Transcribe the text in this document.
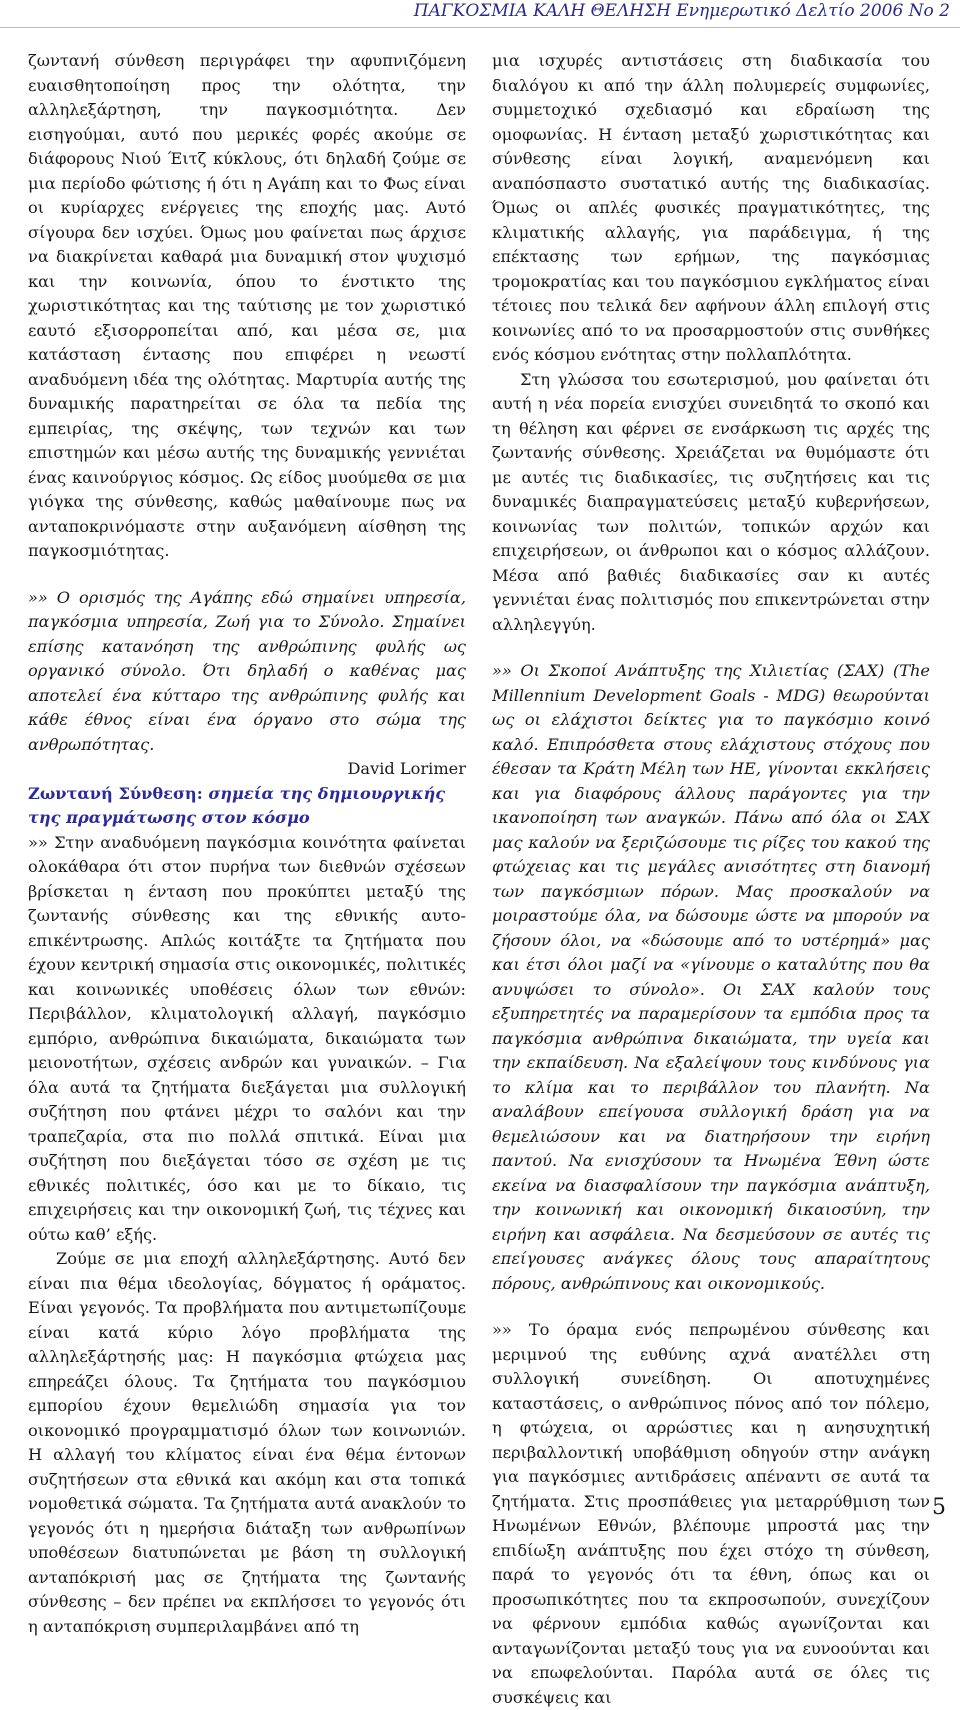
ΠΑΓΚΟΣΜΙΑ ΚΑΛΗ ΘΕΛΗΣΗ Ενημερωτικό Δελτίο 2006 No 2

ζωντανή σύνθεση περιγράφει την αφυπνιζόμενη ευαισθητοποίηση προς την ολότητα, την αλληλεξάρτηση, την παγκοσμιότητα. Δεν εισηγούμαι, αυτό που μερικές φορές ακούμε σε διάφορους Νιού Έιτζ κύκλους, ότι δηλαδή ζούμε σε μια περίοδο φώτισης ή ότι η Αγάπη και το Φως είναι οι κυρίαρχες ενέργειες της εποχής μας. Αυτό σίγουρα δεν ισχύει. Όμως μου φαίνεται πως άρχισε να διακρίνεται καθαρά μια δυναμική στον ψυχισμό και την κοινωνία, όπου το ένστικτο της χωριστικότητας και της ταύτισης με τον χωριστικό εαυτό εξισορροπείται από, και μέσα σε, μια κατάσταση έντασης που επιφέρει η νεωστί αναδυόμενη ιδέα της ολότητας. Μαρτυρία αυτής της δυναμικής παρατηρείται σε όλα τα πεδία της εμπειρίας, της σκέψης, των τεχνών και των επιστημών και μέσω αυτής της δυναμικής γεννιέται ένας καινούργιος κόσμος. Ως είδος μυούμεθα σε μια γιόγκα της σύνθεσης, καθώς μαθαίνουμε πως να ανταποκρινόμαστε στην αυξανόμενη αίσθηση της παγκοσμιότητας.

»» Ο ορισμός της Αγάπης εδώ σημαίνει υπηρεσία, παγκόσμια υπηρεσία, Ζωή για το Σύνολο. Σημαίνει επίσης κατανόηση της ανθρώπινης φυλής ως οργανικό σύνολο. Ότι δηλαδή ο καθένας μας αποτελεί ένα κύτταρο της ανθρώπινης φυλής και κάθε έθνος είναι ένα όργανο στο σώμα της ανθρωπότητας.

David Lorimer

Ζωντανή Σύνθεση: σημεία της δημιουργικής της πραγμάτωσης στον κόσμο

»» Στην αναδυόμενη παγκόσμια κοινότητα φαίνεται ολοκάθαρα ότι στον πυρήνα των διεθνών σχέσεων βρίσκεται η ένταση που προκύπτει μεταξύ της ζωντανής σύνθεσης και της εθνικής αυτο-επικέντρωσης. Απλώς κοιτάξτε τα ζητήματα που έχουν κεντρική σημασία στις οικονομικές, πολιτικές και κοινωνικές υποθέσεις όλων των εθνών: Περιβάλλον, κλιματολογική αλλαγή, παγκόσμιο εμπόριο, ανθρώπινα δικαιώματα, δικαιώματα των μειονοτήτων, σχέσεις ανδρών και γυναικών. – Για όλα αυτά τα ζητήματα διεξάγεται μια συλλογική συζήτηση που φτάνει μέχρι το σαλόνι και την τραπεζαρία, στα πιο πολλά σπιτικά. Είναι μια συζήτηση που διεξάγεται τόσο σε σχέση με τις εθνικές πολιτικές, όσο και με το δίκαιο, τις επιχειρήσεις και την οικονομική ζωή, τις τέχνες και ούτω καθ’ εξής.

Ζούμε σε μια εποχή αλληλεξάρτησης. Αυτό δεν είναι πια θέμα ιδεολογίας, δόγματος ή οράματος. Είναι γεγονός. Τα προβλήματα που αντιμετωπίζουμε είναι κατά κύριο λόγο προβλήματα της αλληλεξάρτησής μας: Η παγκόσμια φτώχεια μας επηρεάζει όλους. Τα ζητήματα του παγκόσμιου εμπορίου έχουν θεμελιώδη σημασία για τον οικονομικό προγραμματισμό όλων των κοινωνιών. Η αλλαγή του κλίματος είναι ένα θέμα έντονων συζητήσεων στα εθνικά και ακόμη και στα τοπικά νομοθετικά σώματα. Τα ζητήματα αυτά ανακλούν το γεγονός ότι η ημερήσια διάταξη των ανθρωπίνων υποθέσεων διατυπώνεται με βάση τη συλλογική ανταπόκρισή μας σε ζητήματα της ζωντανής σύνθεσης – δεν πρέπει να εκπλήσσει το γεγονός ότι η ανταπόκριση συμπεριλαμβάνει από τη

μια ισχυρές αντιστάσεις στη διαδικασία του διαλόγου κι από την άλλη πολυμερείς συμφωνίες, συμμετοχικό σχεδιασμό και εδραίωση της ομοφωνίας. Η ένταση μεταξύ χωριστικότητας και σύνθεσης είναι λογική, αναμενόμενη και αναπόσπαστο συστατικό αυτής της διαδικασίας. Όμως οι απλές φυσικές πραγματικότητες, της κλιματικής αλλαγής, για παράδειγμα, ή της επέκτασης των ερήμων, της παγκόσμιας τρομοκρατίας και του παγκόσμιου εγκλήματος είναι τέτοιες που τελικά δεν αφήνουν άλλη επιλογή στις κοινωνίες από το να προσαρμοστούν στις συνθήκες ενός κόσμου ενότητας στην πολλαπλότητα.

Στη γλώσσα του εσωτερισμού, μου φαίνεται ότι αυτή η νέα πορεία ενισχύει συνειδητά το σκοπό και τη θέληση και φέρνει σε ενσάρκωση τις αρχές της ζωντανής σύνθεσης. Χρειάζεται να θυμόμαστε ότι με αυτές τις διαδικασίες, τις συζητήσεις και τις δυναμικές διαπραγματεύσεις μεταξύ κυβερνήσεων, κοινωνίας των πολιτών, τοπικών αρχών και επιχειρήσεων, οι άνθρωποι και ο κόσμος αλλάζουν. Μέσα από βαθιές διαδικασίες σαν κι αυτές γεννιέται ένας πολιτισμός που επικεντρώνεται στην αλληλεγγύη.

»» Οι Σκοποί Ανάπτυξης της Χιλιετίας (ΣΑΧ) (The Millennium Development Goals - MDG) θεωρούνται ως οι ελάχιστοι δείκτες για το παγκόσμιο κοινό καλό. Επιπρόσθετα στους ελάχιστους στόχους που έθεσαν τα Κράτη Μέλη των ΗΕ, γίνονται εκκλήσεις και για διαφόρους άλλους παράγοντες για την ικανοποίηση των αναγκών. Πάνω από όλα οι ΣΑΧ μας καλούν να ξεριζώσουμε τις ρίζες του κακού της φτώχειας και τις μεγάλες ανισότητες στη διανομή των παγκόσμιων πόρων. Μας προσκαλούν να μοιραστούμε όλα, να δώσουμε ώστε να μπορούν να ζήσουν όλοι, να «δώσουμε από το υστέρημά» μας και έτσι όλοι μαζί να «γίνουμε ο καταλύτης που θα ανυψώσει το σύνολο». Οι ΣΑΧ καλούν τους εξυπηρετητές να παραμερίσουν τα εμπόδια προς τα παγκόσμια ανθρώπινα δικαιώματα, την υγεία και την εκπαίδευση. Να εξαλείψουν τους κινδύνους για το κλίμα και το περιβάλλον του πλανήτη. Να αναλάβουν επείγουσα συλλογική δράση για να θεμελιώσουν και να διατηρήσουν την ειρήνη παντού. Να ενισχύσουν τα Ηνωμένα Έθνη ώστε εκείνα να διασφαλίσουν την παγκόσμια ανάπτυξη, την κοινωνική και οικονομική δικαιοσύνη, την ειρήνη και ασφάλεια. Να δεσμεύσουν σε αυτές τις επείγουσες ανάγκες όλους τους απαραίτητους πόρους, ανθρώπινους και οικονομικούς.

»» Το όραμα ενός πεπρωμένου σύνθεσης και μεριμνού της ευθύνης αχνά ανατέλλει στη συλλογική συνείδηση. Οι αποτυχημένες καταστάσεις, ο ανθρώπινος πόνος από τον πόλεμο, η φτώχεια, οι αρρώστιες και η ανησυχητική περιβαλλοντική υποβάθμιση οδηγούν στην ανάγκη για παγκόσμιες αντιδράσεις απέναντι σε αυτά τα ζητήματα. Στις προσπάθειες για μεταρρύθμιση των Ηνωμένων Εθνών, βλέπουμε μπροστά μας την επιδίωξη ανάπτυξης που έχει στόχο τη σύνθεση, παρά το γεγονός ότι τα έθνη, όπως και οι προσωπικότητες που τα εκπροσωπούν, συνεχίζουν να φέρνουν εμπόδια καθώς αγωνίζονται και ανταγωνίζονται μεταξύ τους για να ευνοούνται και να επωφελούνται. Παρόλα αυτά σε όλες τις συσκέψεις και

5
